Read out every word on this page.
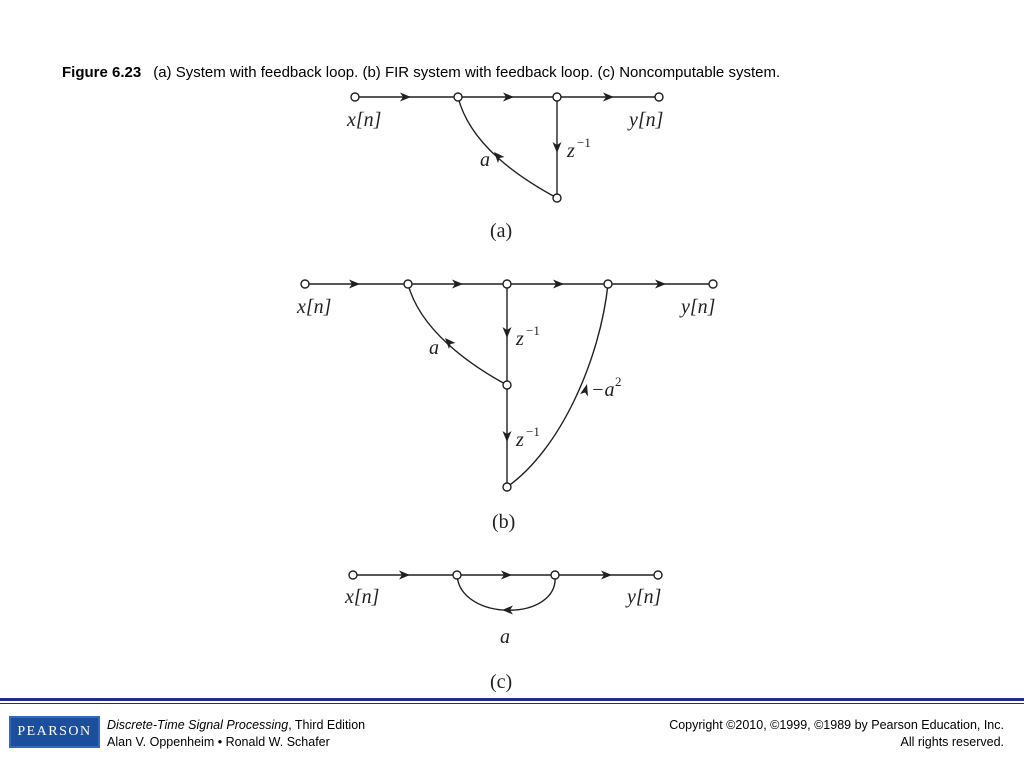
Figure 6.23 (a) System with feedback loop. (b) FIR system with feedback loop. (c) Noncomputable system.
x[n]	y[n]
z −1
a
(a)
x[n]	y[n]
z −1
z −1
a
−a 2
(b)
x[n]	y[n]
a
(c)
PEARSON	Discrete-Time Signal Processing, Third Edition
Alan V. Oppenheim • Ronald W. Schafer
Copyright ©2010, ©1999, ©1989 by Pearson Education, Inc.
All rights reserved.
